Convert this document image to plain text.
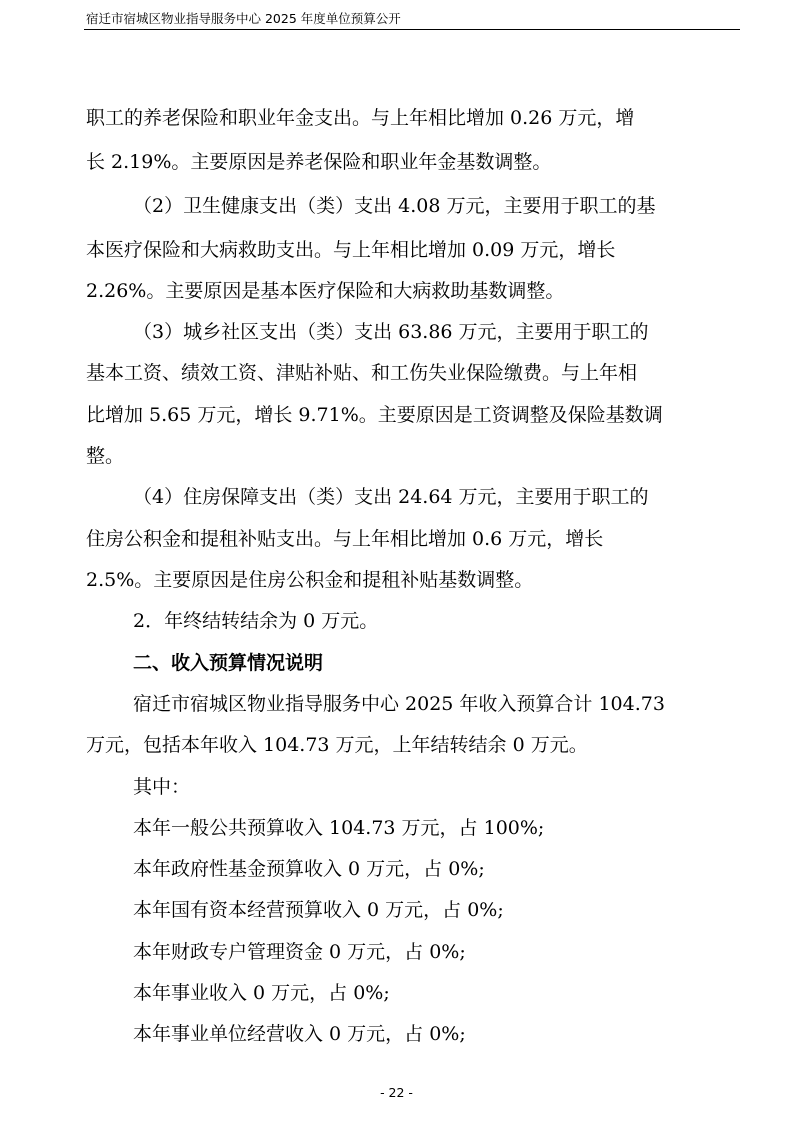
宿迁市宿城区物业指导服务中心 2025 年度单位预算公开
职工的养老保险和职业年金支出。与上年相比增加 0.26 万元，增
长 2.19%。主要原因是养老保险和职业年金基数调整。
（2）卫生健康支出（类）支出 4.08 万元，主要用于职工的基
本医疗保险和大病救助支出。与上年相比增加 0.09 万元，增长
2.26%。主要原因是基本医疗保险和大病救助基数调整。
（3）城乡社区支出（类）支出 63.86 万元，主要用于职工的
基本工资、绩效工资、津贴补贴、和工伤失业保险缴费。与上年相
比增加 5.65 万元，增长 9.71%。主要原因是工资调整及保险基数调
整。
（4）住房保障支出（类）支出 24.64 万元，主要用于职工的
住房公积金和提租补贴支出。与上年相比增加 0.6 万元，增长
2.5%。主要原因是住房公积金和提租补贴基数调整。
2．年终结转结余为 0 万元。
二、收入预算情况说明
宿迁市宿城区物业指导服务中心 2025 年收入预算合计 104.73
万元，包括本年收入 104.73 万元，上年结转结余 0 万元。
其中：
本年一般公共预算收入 104.73 万元，占 100%;
本年政府性基金预算收入 0 万元，占 0%;
本年国有资本经营预算收入 0 万元，占 0%;
本年财政专户管理资金 0 万元，占 0%;
本年事业收入 0 万元，占 0%;
本年事业单位经营收入 0 万元，占 0%;
- 22 -
